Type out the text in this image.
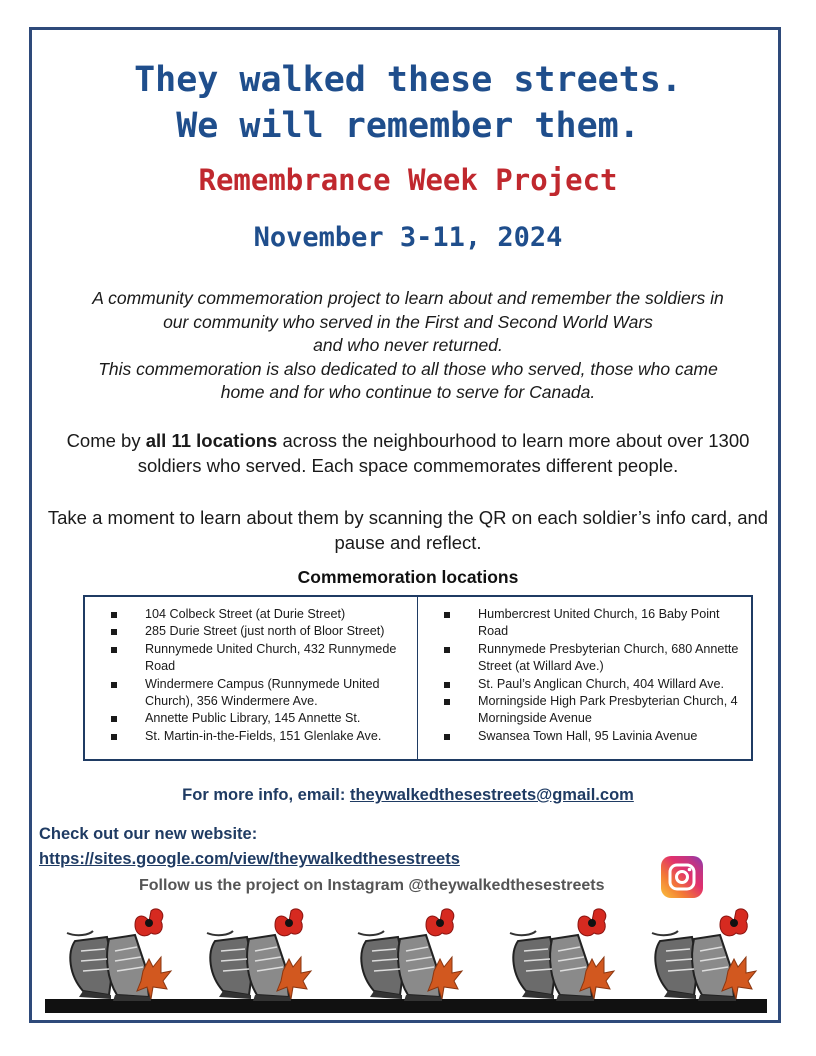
They walked these streets.
We will remember them.
Remembrance Week Project
November 3-11, 2024
A community commemoration project to learn about and remember the soldiers in
our community who served in the First and Second World Wars
and who never returned.
This commemoration is also dedicated to all those who served, those who came
home and for who continue to serve for Canada.
Come by all 11 locations across the neighbourhood to learn more about over 1300 soldiers who served. Each space commemorates different people.
Take a moment to learn about them by scanning the QR on each soldier’s info card, and pause and reflect.
Commemoration locations
104 Colbeck Street (at Durie Street)
285 Durie Street (just north of Bloor Street)
Runnymede United Church, 432 Runnymede Road
Windermere Campus (Runnymede United Church), 356 Windermere Ave.
Annette Public Library, 145 Annette St.
St. Martin-in-the-Fields, 151 Glenlake Ave.
Humbercrest United Church, 16 Baby Point Road
Runnymede Presbyterian Church, 680 Annette Street (at Willard Ave.)
St. Paul’s Anglican Church, 404 Willard Ave.
Morningside High Park Presbyterian Church, 4 Morningside Avenue
Swansea Town Hall, 95 Lavinia Avenue
For more info, email: theywalkedthesestreets@gmail.com
Check out our new website:
https://sites.google.com/view/theywalkedthesestreets
Follow us the project on Instagram @theywalkedthesestreets
